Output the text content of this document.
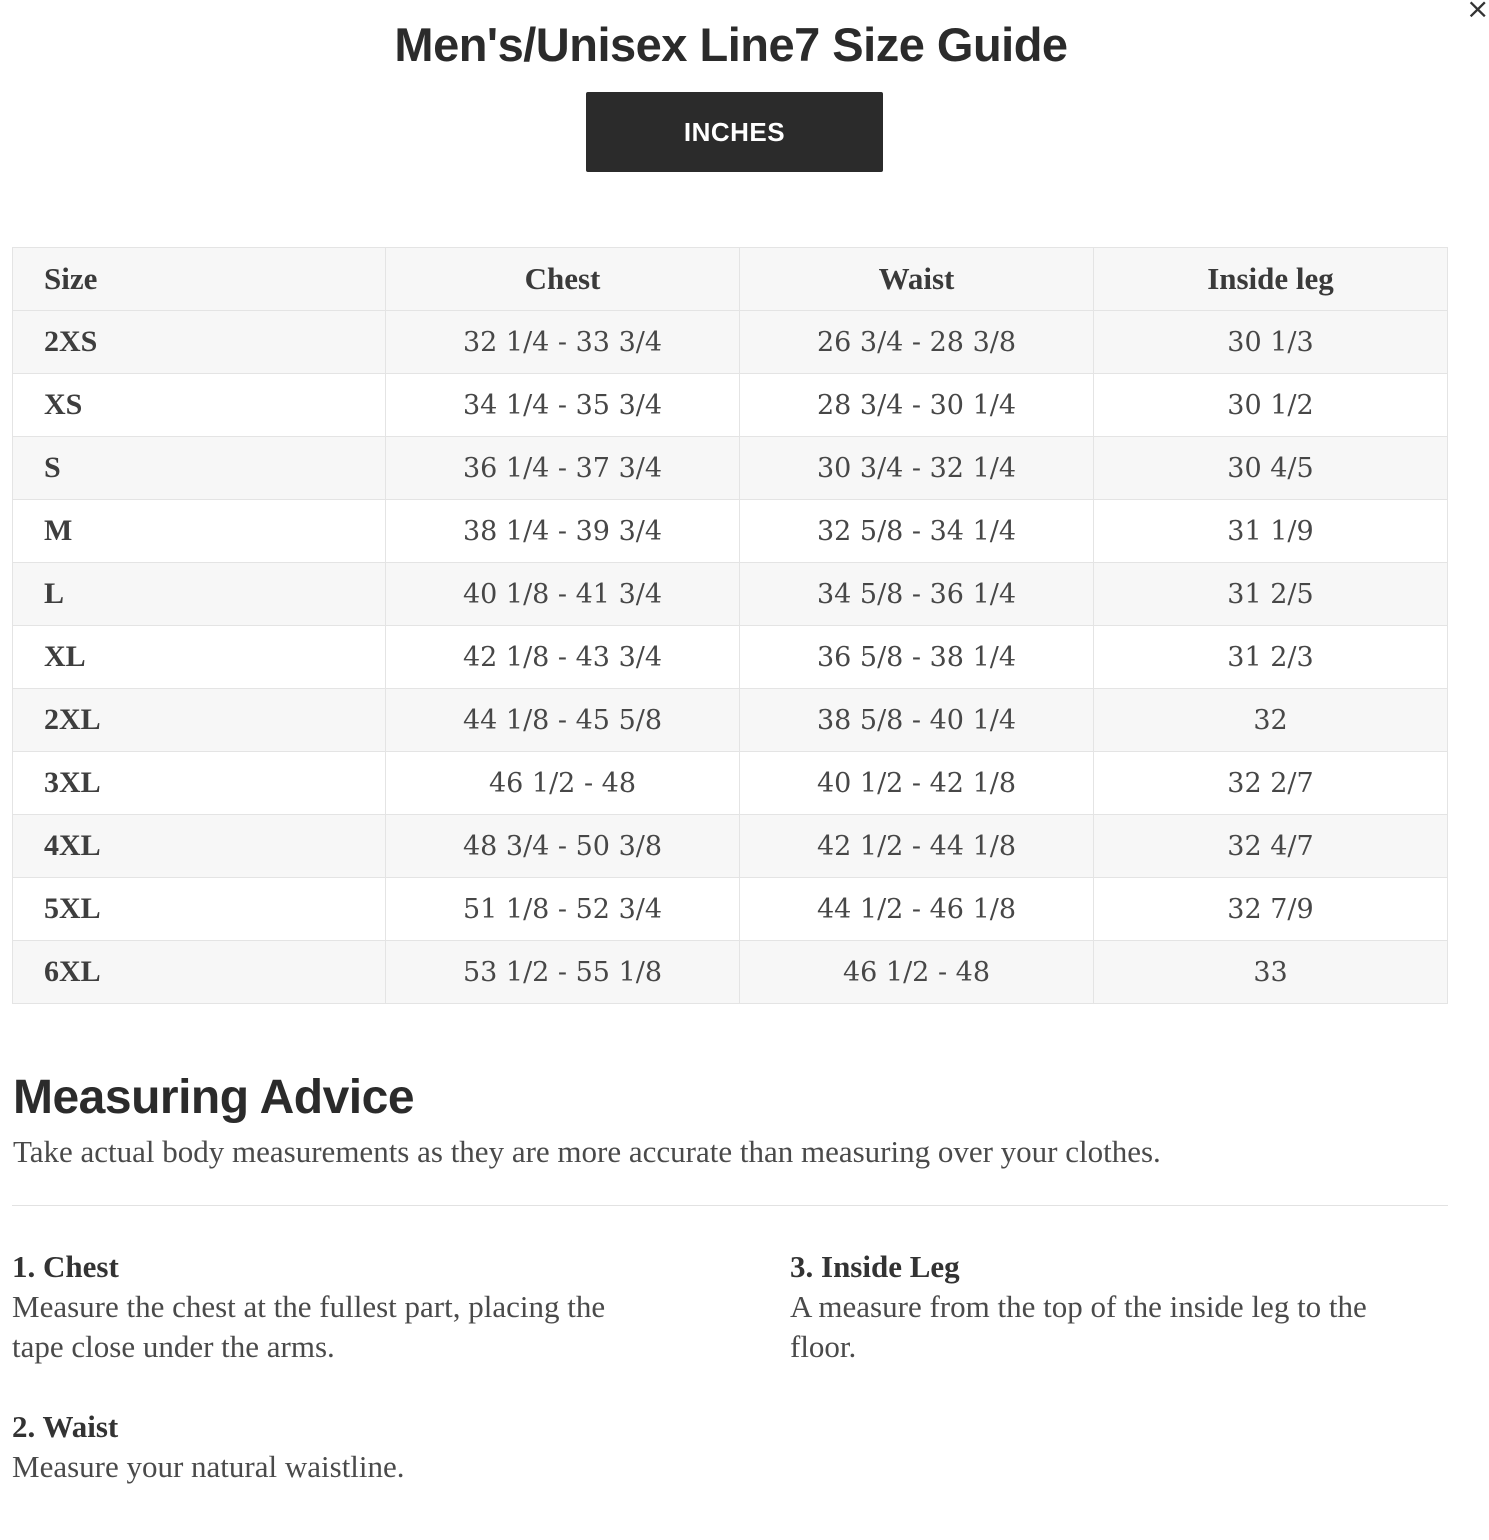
×
Men's/Unisex Line7 Size Guide
INCHES
Size	Chest	Waist	Inside leg
2XS	32 1/4 - 33 3/4	26 3/4 - 28 3/8	30 1/3
XS	34 1/4 - 35 3/4	28 3/4 - 30 1/4	30 1/2
S	36 1/4 - 37 3/4	30 3/4 - 32 1/4	30 4/5
M	38 1/4 - 39 3/4	32 5/8 - 34 1/4	31 1/9
L	40 1/8 - 41 3/4	34 5/8 - 36 1/4	31 2/5
XL	42 1/8 - 43 3/4	36 5/8 - 38 1/4	31 2/3
2XL	44 1/8 - 45 5/8	38 5/8 - 40 1/4	32
3XL	46 1/2 - 48	40 1/2 - 42 1/8	32 2/7
4XL	48 3/4 - 50 3/8	42 1/2 - 44 1/8	32 4/7
5XL	51 1/8 - 52 3/4	44 1/2 - 46 1/8	32 7/9
6XL	53 1/2 - 55 1/8	46 1/2 - 48	33
Measuring Advice

Take actual body measurements as they are more accurate than measuring over your clothes.

1. Chest

Measure the chest at the fullest part, placing the tape close under the arms.

2. Waist

Measure your natural waistline.

3. Inside Leg

A measure from the top of the inside leg to the floor.
